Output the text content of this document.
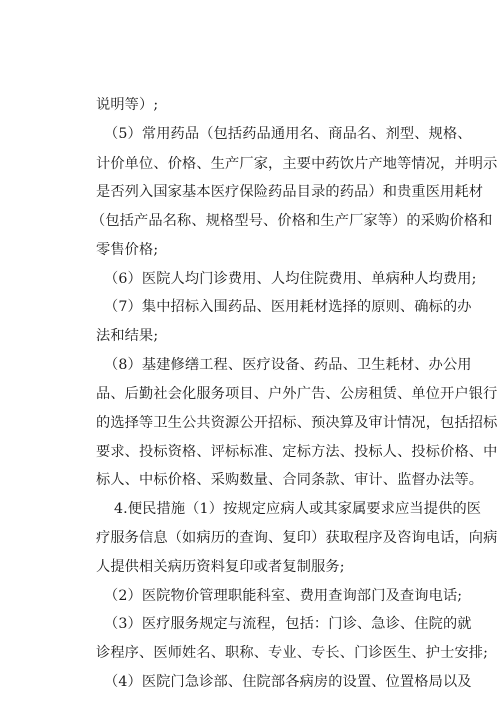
说明等）;
（5）常用药品（包括药品通用名、商品名、剂型、规格、
计价单位、价格、生产厂家，主要中药饮片产地等情况，并明示
是否列入国家基本医疗保险药品目录的药品）和贵重医用耗材
（包括产品名称、规格型号、价格和生产厂家等）的采购价格和
零售价格;
（6）医院人均门诊费用、人均住院费用、单病种人均费用;
（7）集中招标入围药品、医用耗材选择的原则、确标的办
法和结果;
（8）基建修缮工程、医疗设备、药品、卫生耗材、办公用
品、后勤社会化服务项目、户外广告、公房租赁、单位开户银行
的选择等卫生公共资源公开招标、预决算及审计情况，包括招标
要求、投标资格、评标标准、定标方法、投标人、投标价格、中
标人、中标价格、采购数量、合同条款、审计、监督办法等。
4.便民措施（1）按规定应病人或其家属要求应当提供的医
疗服务信息（如病历的查询、复印）获取程序及咨询电话，向病
人提供相关病历资料复印或者复制服务;
（2）医院物价管理职能科室、费用查询部门及查询电话;
（3）医疗服务规定与流程，包括：门诊、急诊、住院的就
诊程序、医师姓名、职称、专业、专长、门诊医生、护士安排;
（4）医院门急诊部、住院部各病房的设置、位置格局以及
